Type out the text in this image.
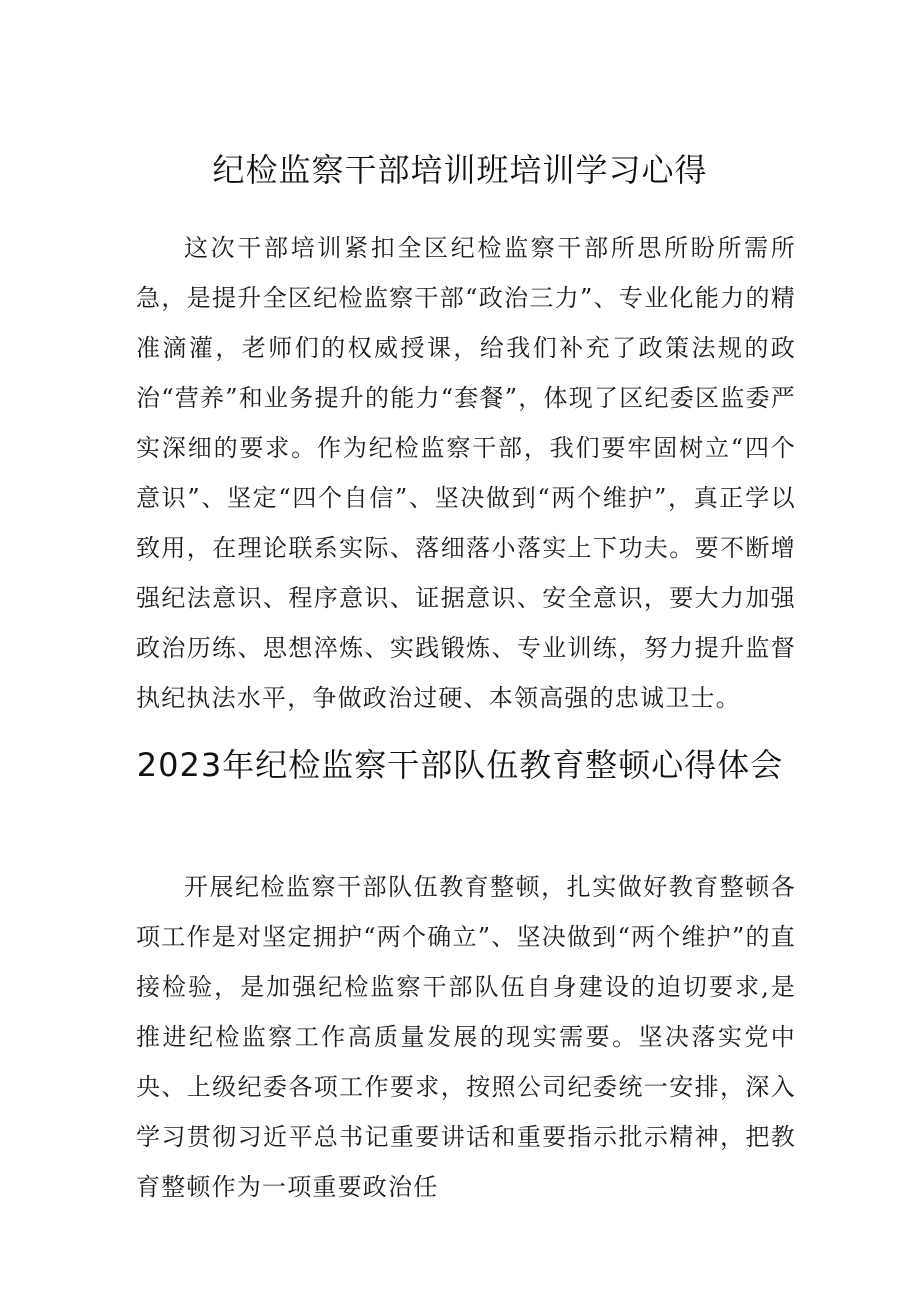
纪检监察干部培训班培训学习心得

这次干部培训紧扣全区纪检监察干部所思所盼所需所急，是提升全区纪检监察干部“政治三力”、专业化能力的精准滴灌，老师们的权威授课，给我们补充了政策法规的政治“营养”和业务提升的能力“套餐”，体现了区纪委区监委严实深细的要求。作为纪检监察干部，我们要牢固树立“四个意识”、坚定“四个自信”、坚决做到“两个维护”，真正学以致用，在理论联系实际、落细落小落实上下功夫。要不断增强纪法意识、程序意识、证据意识、安全意识，要大力加强政治历练、思想淬炼、实践锻炼、专业训练，努力提升监督执纪执法水平，争做政治过硬、本领高强的忠诚卫士。

2023年纪检监察干部队伍教育整顿心得体会

开展纪检监察干部队伍教育整顿，扎实做好教育整顿各项工作是对坚定拥护“两个确立”、坚决做到“两个维护”的直接检验，是加强纪检监察干部队伍自身建设的迫切要求,是推进纪检监察工作高质量发展的现实需要。坚决落实党中央、上级纪委各项工作要求，按照公司纪委统一安排，深入学习贯彻习近平总书记重要讲话和重要指示批示精神，把教育整顿作为一项重要政治任
